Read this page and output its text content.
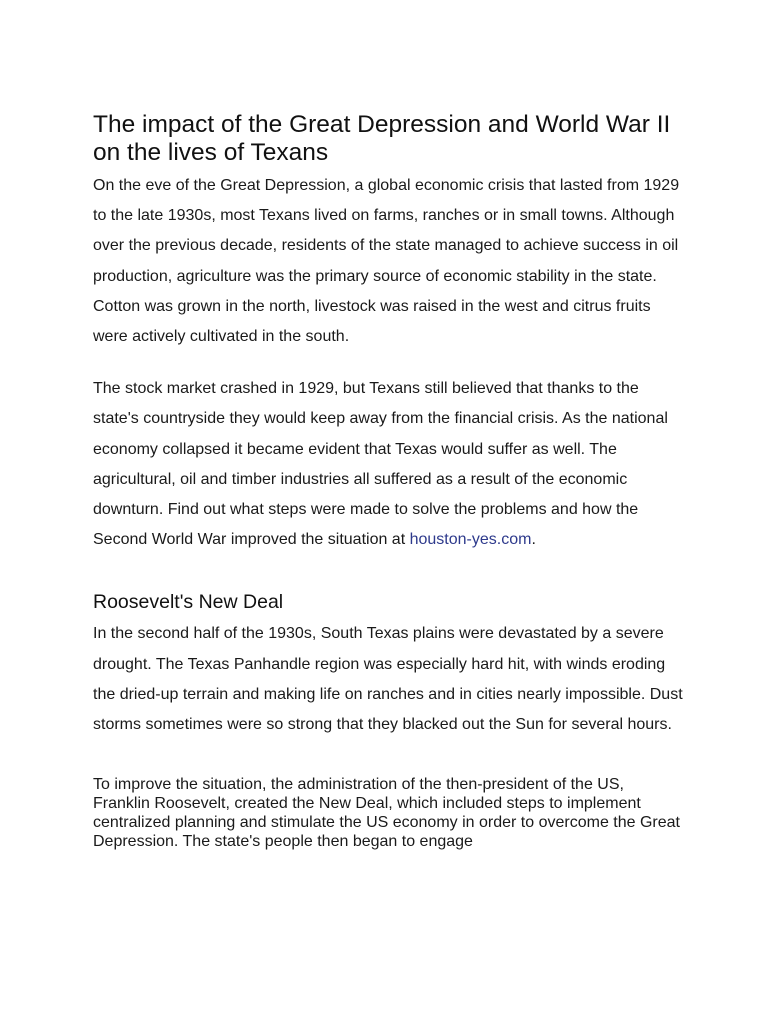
The impact of the Great Depression and World War II on the lives of Texans

On the eve of the Great Depression, a global economic crisis that lasted from 1929 to the late 1930s, most Texans lived on farms, ranches or in small towns. Although over the previous decade, residents of the state managed to achieve success in oil production, agriculture was the primary source of economic stability in the state. Cotton was grown in the north, livestock was raised in the west and citrus fruits were actively cultivated in the south.

The stock market crashed in 1929, but Texans still believed that thanks to the state's countryside they would keep away from the financial crisis. As the national economy collapsed it became evident that Texas would suffer as well. The agricultural, oil and timber industries all suffered as a result of the economic downturn. Find out what steps were made to solve the problems and how the Second World War improved the situation at houston-yes.com.

Roosevelt's New Deal

In the second half of the 1930s, South Texas plains were devastated by a severe drought. The Texas Panhandle region was especially hard hit, with winds eroding the dried-up terrain and making life on ranches and in cities nearly impossible. Dust storms sometimes were so strong that they blacked out the Sun for several hours.

To improve the situation, the administration of the then-president of the US, Franklin Roosevelt, created the New Deal, which included steps to implement centralized planning and stimulate the US economy in order to overcome the Great Depression. The state's people then began to engage
